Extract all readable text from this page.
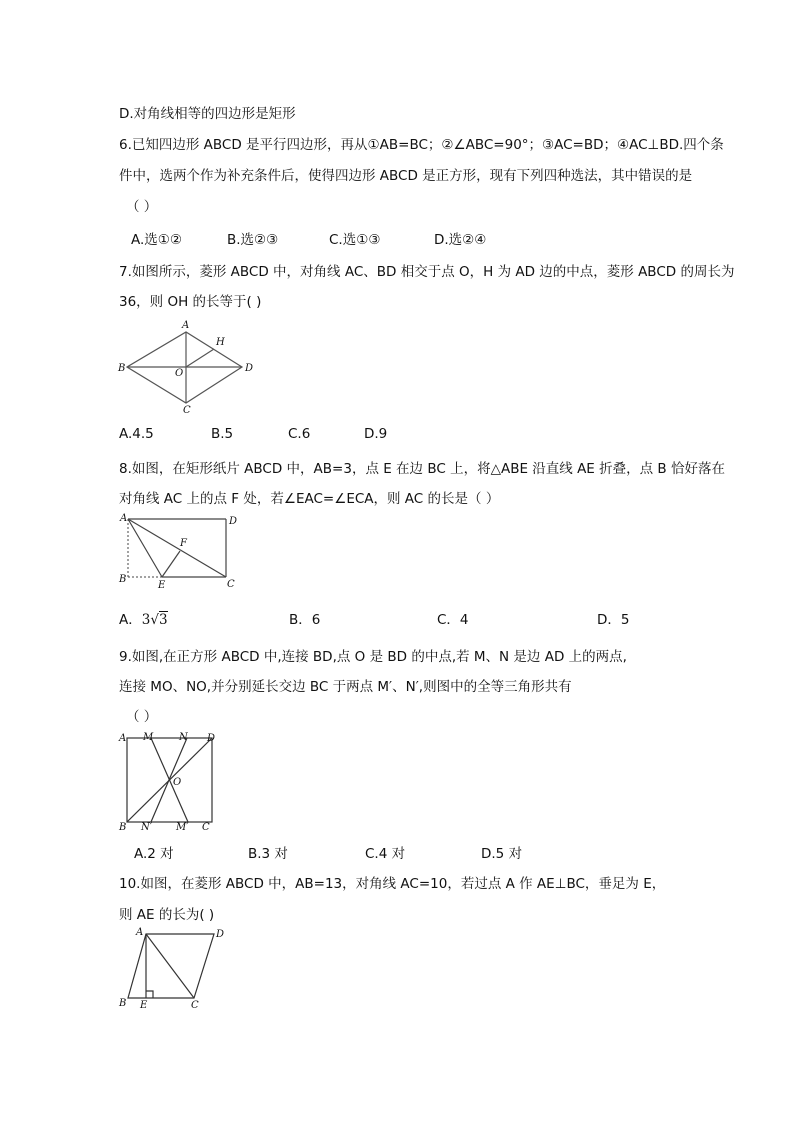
D.对角线相等的四边形是矩形
6.已知四边形 ABCD 是平行四边形，再从①AB=BC；②∠ABC=90°；③AC=BD；④AC⊥BD.四个条
件中，选两个作为补充条件后，使得四边形 ABCD 是正方形，现有下列四种选法，其中错误的是
（ ）
A.选①②	B.选②③	C.选①③	D.选②④
7.如图所示，菱形 ABCD 中，对角线 AC、BD 相交于点 O，H 为 AD 边的中点，菱形 ABCD 的周长为
36，则 OH 的长等于( )
A
B	D
C
O
H
A.4.5	B.5	C.6	D.9
8.如图，在矩形纸片 ABCD 中，AB=3，点 E 在边 BC 上，将△ABE 沿直线 AE 折叠，点 B 恰好落在
对角线 AC 上的点 F 处，若∠EAC=∠ECA，则 AC 的长是（ ）
A	D
B	C
E
F
A．3√3	B．6	C．4	D．5
9.如图,在正方形 ABCD 中,连接 BD,点 O 是 BD 的中点,若 M、N 是边 AD 上的两点,
连接 MO、NO,并分别延长交边 BC 于两点 M′、N′,则图中的全等三角形共有
（ ）
A M	N D
O
B N′ M′ C
A.2 对	B.3 对	C.4 对	D.5 对
10.如图，在菱形 ABCD 中，AB=13，对角线 AC=10，若过点 A 作 AE⊥BC，垂足为 E，
则 AE 的长为( )
A	D
B E	C
